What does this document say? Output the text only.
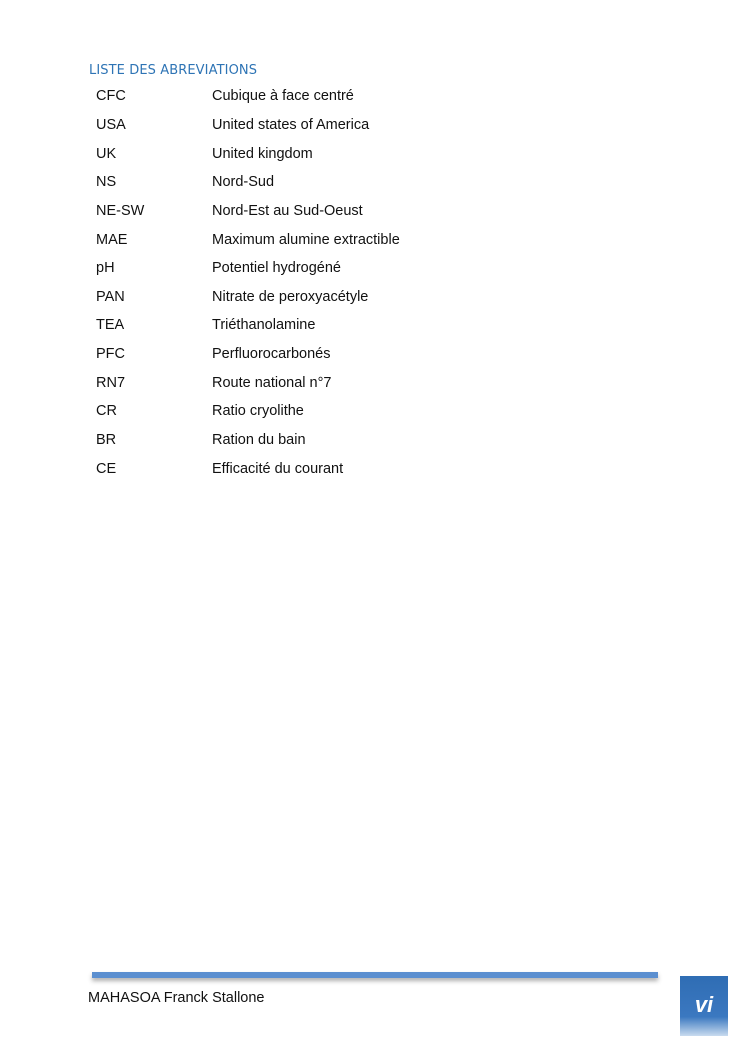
LISTE DES ABREVIATIONS
CFC	Cubique à face centré
USA	United states of America
UK	United kingdom
NS	Nord-Sud
NE-SW	Nord-Est au Sud-Oeust
MAE	Maximum alumine extractible
pH	Potentiel hydrogéné
PAN	Nitrate de peroxyacétyle
TEA	Triéthanolamine
PFC	Perfluorocarbonés
RN7	Route national n°7
CR	Ratio cryolithe
BR	Ration du bain
CE	Efficacité du courant
MAHASOA Franck Stallone	vi
